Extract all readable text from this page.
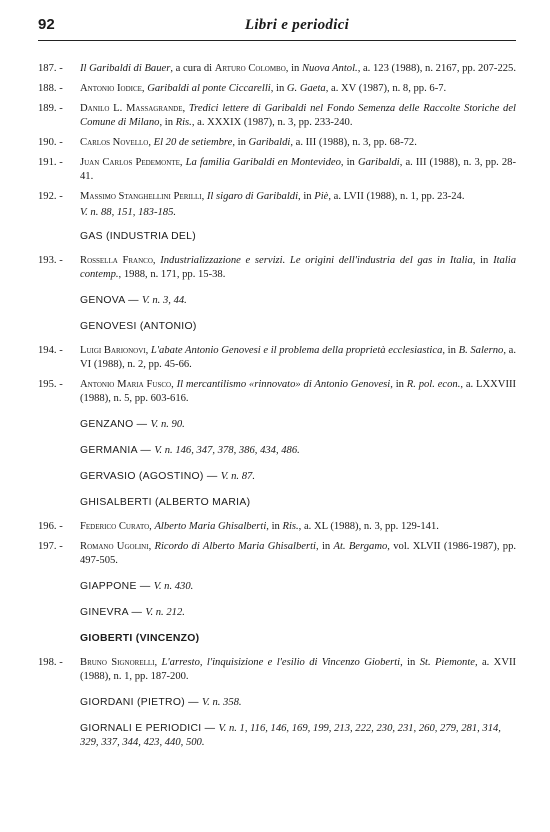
92	Libri e periodici
187. -	Il Garibaldi di Bauer, a cura di Arturo Colombo, in Nuova Antol., a. 123 (1988), n. 2167, pp. 207-225.
188. -	Antonio Iodice, Garibaldi al ponte Ciccarelli, in G. Gaeta, a. XV (1987), n. 8, pp. 6-7.
189. -	Danilo L. Massagrande, Tredici lettere di Garibaldi nel Fondo Semenza delle Raccolte Storiche del Comune di Milano, in Ris., a. XXXIX (1987), n. 3, pp. 233-240.
190. -	Carlos Novello, El 20 de setiembre, in Garibaldi, a. III (1988), n. 3, pp. 68-72.
191. -	Juan Carlos Pedemonte, La familia Garibaldi en Montevideo, in Garibaldi, a. III (1988), n. 3, pp. 28-41.
192. -	Massimo Stanghellini Perilli, Il sigaro di Garibaldi, in Piè, a. LVII (1988), n. 1, pp. 23-24.
V. n. 88, 151, 183-185.
GAS (INDUSTRIA DEL)
193. -	Rossella Franco, Industrializzazione e servizi. Le origini dell'industria del gas in Italia, in Italia contemp., 1988, n. 171, pp. 15-38.
GENOVA — V. n. 3, 44.
GENOVESI (ANTONIO)
194. -	Luigi Barionovi, L'abate Antonio Genovesi e il problema della proprietà ecclesiastica, in B. Salerno, a. VI (1988), n. 2, pp. 45-66.
195. -	Antonio Maria Fusco, Il mercantilismo «rinnovato» di Antonio Genovesi, in R. pol. econ., a. LXXVIII (1988), n. 5, pp. 603-616.
GENZANO — V. n. 90.
GERMANIA — V. n. 146, 347, 378, 386, 434, 486.
GERVASIO (AGOSTINO) — V. n. 87.
GHISALBERTI (ALBERTO MARIA)
196. -	Federico Curato, Alberto Maria Ghisalberti, in Ris., a. XL (1988), n. 3, pp. 129-141.
197. -	Romano Ugolini, Ricordo di Alberto Maria Ghisalberti, in At. Bergamo, vol. XLVII (1986-1987), pp. 497-505.
GIAPPONE — V. n. 430.
GINEVRA — V. n. 212.
GIOBERTI (VINCENZO)
198. -	Bruno Signorelli, L'arresto, l'inquisizione e l'esilio di Vincenzo Gioberti, in St. Piemonte, a. XVII (1988), n. 1, pp. 187-200.
GIORDANI (PIETRO) — V. n. 358.
GIORNALI E PERIODICI — V. n. 1, 116, 146, 169, 199, 213, 222, 230, 231, 260, 279, 281, 314, 329, 337, 344, 423, 440, 500.
